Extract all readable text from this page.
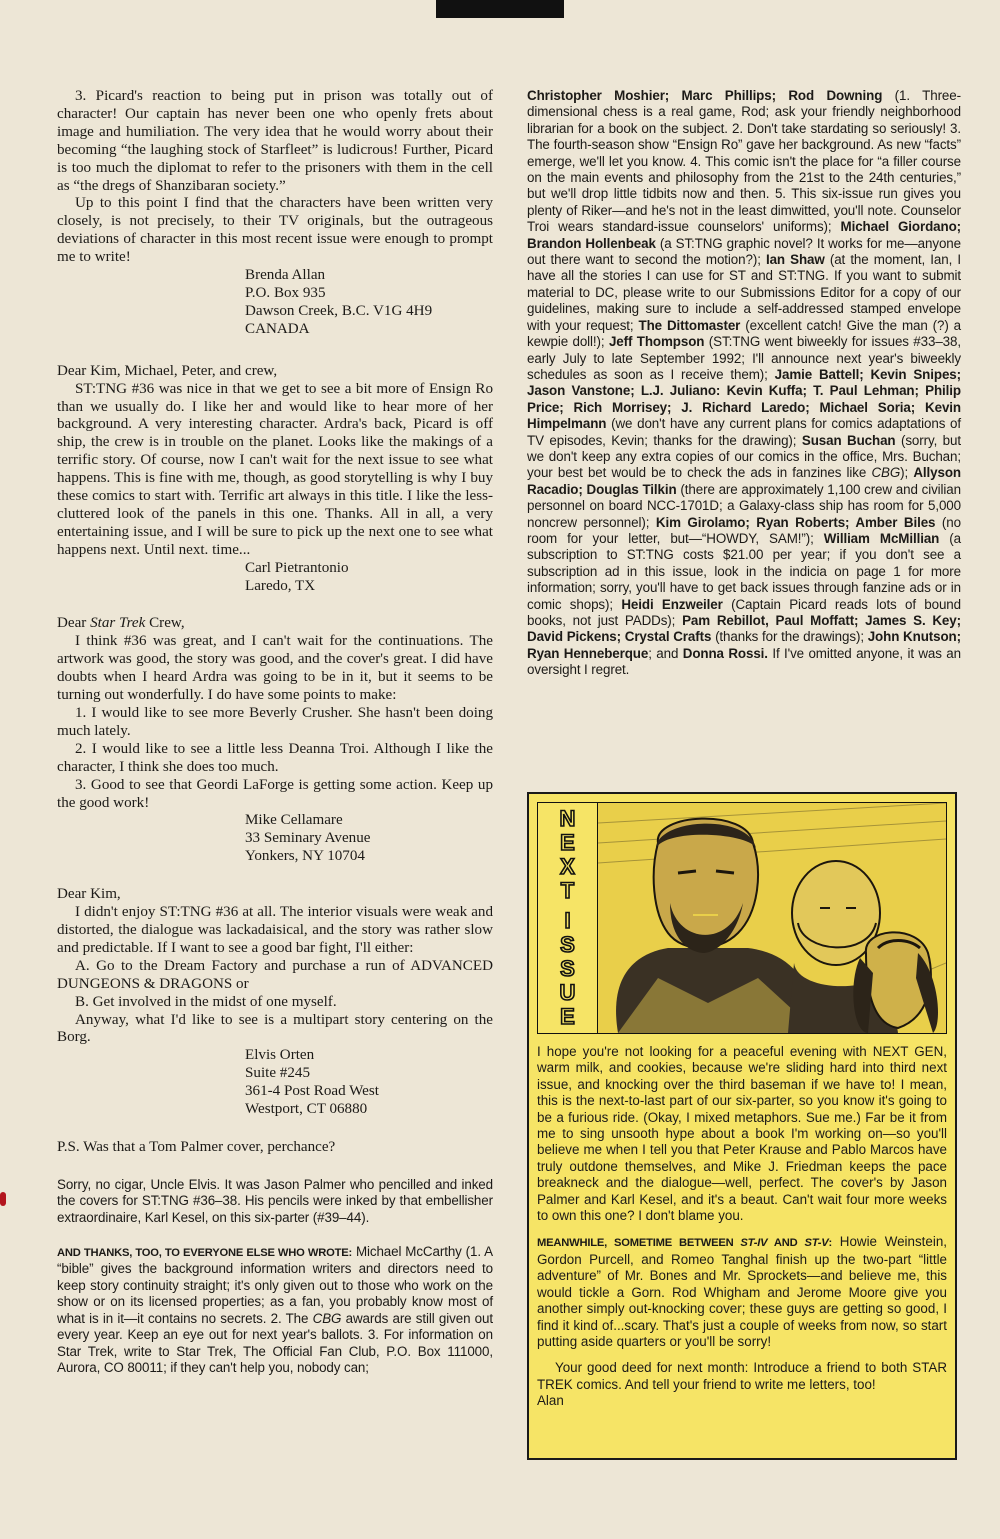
3. Picard's reaction to being put in prison was totally out of character! Our captain has never been one who openly frets about image and humiliation. The very idea that he would worry about their becoming “the laughing stock of Starfleet” is ludicrous! Further, Picard is too much the diplomat to refer to the prisoners with them in the cell as “the dregs of Shanzibaran society.”

Up to this point I find that the characters have been written very closely, is not precisely, to their TV originals, but the outrageous deviations of character in this most recent issue were enough to prompt me to write!

Brenda Allan

P.O. Box 935

Dawson Creek, B.C. V1G 4H9

CANADA

Dear Kim, Michael, Peter, and crew,

ST:TNG #36 was nice in that we get to see a bit more of Ensign Ro than we usually do. I like her and would like to hear more of her background. A very interesting character. Ardra's back, Picard is off ship, the crew is in trouble on the planet. Looks like the makings of a terrific story. Of course, now I can't wait for the next issue to see what happens. This is fine with me, though, as good storytelling is why I buy these comics to start with. Terrific art always in this title. I like the less-cluttered look of the panels in this one. Thanks. All in all, a very entertaining issue, and I will be sure to pick up the next one to see what happens next. Until next. time...

Carl Pietrantonio

Laredo, TX

Dear Star Trek Crew,

I think #36 was great, and I can't wait for the continuations. The artwork was good, the story was good, and the cover's great. I did have doubts when I heard Ardra was going to be in it, but it seems to be turning out wonderfully. I do have some points to make:

1. I would like to see more Beverly Crusher. She hasn't been doing much lately.

2. I would like to see a little less Deanna Troi. Although I like the character, I think she does too much.

3. Good to see that Geordi LaForge is getting some action. Keep up the good work!

Mike Cellamare

33 Seminary Avenue

Yonkers, NY 10704

Dear Kim,

I didn't enjoy ST:TNG #36 at all. The interior visuals were weak and distorted, the dialogue was lackadaisical, and the story was rather slow and predictable. If I want to see a good bar fight, I'll either:

A. Go to the Dream Factory and purchase a run of ADVANCED DUNGEONS & DRAGONS or

B. Get involved in the midst of one myself.

Anyway, what I'd like to see is a multipart story centering on the Borg.

Elvis Orten

Suite #245

361-4 Post Road West

Westport, CT 06880

P.S. Was that a Tom Palmer cover, perchance?

Sorry, no cigar, Uncle Elvis. It was Jason Palmer who pencilled and inked the covers for ST:TNG #36–38. His pencils were inked by that embellisher extraordinaire, Karl Kesel, on this six-parter (#39–44).

AND THANKS, TOO, TO EVERYONE ELSE WHO WROTE: Michael McCarthy (1. A “bible” gives the background information writers and directors need to keep story continuity straight; it's only given out to those who work on the show or on its licensed properties; as a fan, you probably know most of what is in it—it contains no secrets. 2. The CBG awards are still given out every year. Keep an eye out for next year's ballots. 3. For information on Star Trek, write to Star Trek, The Official Fan Club, P.O. Box 111000, Aurora, CO 80011; if they can't help you, nobody can;

Christopher Moshier; Marc Phillips; Rod Downing (1. Three-dimensional chess is a real game, Rod; ask your friendly neighborhood librarian for a book on the subject. 2. Don't take stardating so seriously! 3. The fourth-season show “Ensign Ro” gave her background. As new “facts” emerge, we'll let you know. 4. This comic isn't the place for “a filler course on the main events and philosophy from the 21st to the 24th centuries,” but we'll drop little tidbits now and then. 5. This six-issue run gives you plenty of Riker—and he's not in the least dimwitted, you'll note. Counselor Troi wears standard-issue counselors' uniforms); Michael Giordano; Brandon Hollenbeak (a ST:TNG graphic novel? It works for me—anyone out there want to second the motion?); Ian Shaw (at the moment, Ian, I have all the stories I can use for ST and ST:TNG. If you want to submit material to DC, please write to our Submissions Editor for a copy of our guidelines, making sure to include a self-addressed stamped envelope with your request; The Dittomaster (excellent catch! Give the man (?) a kewpie doll!); Jeff Thompson (ST:TNG went biweekly for issues #33–38, early July to late September 1992; I'll announce next year's biweekly schedules as soon as I receive them); Jamie Battell; Kevin Snipes; Jason Vanstone; L.J. Juliano: Kevin Kuffa; T. Paul Lehman; Philip Price; Rich Morrisey; J. Richard Laredo; Michael Soria; Kevin Himpelmann (we don't have any current plans for comics adaptations of TV episodes, Kevin; thanks for the drawing); Susan Buchan (sorry, but we don't keep any extra copies of our comics in the office, Mrs. Buchan; your best bet would be to check the ads in fanzines like CBG); Allyson Racadio; Douglas Tilkin (there are approximately 1,100 crew and civilian personnel on board NCC-1701D; a Galaxy-class ship has room for 5,000 noncrew personnel); Kim Girolamo; Ryan Roberts; Amber Biles (no room for your letter, but—“HOWDY, SAM!”); William McMillian (a subscription to ST:TNG costs $21.00 per year; if you don't see a subscription ad in this issue, look in the indicia on page 1 for more information; sorry, you'll have to get back issues through fanzine ads or in comic shops); Heidi Enzweiler (Captain Picard reads lots of bound books, not just PADDs); Pam Rebillot, Paul Moffatt; James S. Key; David Pickens; Crystal Crafts (thanks for the drawings); John Knutson; Ryan Henneberque; and Donna Rossi. If I've omitted anyone, it was an oversight I regret.

N
E
X
T
I
S
S
U
E

I hope you're not looking for a peaceful evening with NEXT GEN, warm milk, and cookies, because we're sliding hard into third next issue, and knocking over the third baseman if we have to! I mean, this is the next-to-last part of our six-parter, so you know it's going to be a furious ride. (Okay, I mixed metaphors. Sue me.) Far be it from me to sing unsooth hype about a book I'm working on—so you'll believe me when I tell you that Peter Krause and Pablo Marcos have truly outdone themselves, and Mike J. Friedman keeps the pace breakneck and the dialogue—well, perfect. The cover's by Jason Palmer and Karl Kesel, and it's a beaut. Can't wait four more weeks to own this one? I don't blame you.

MEANWHILE, SOMETIME BETWEEN ST-IV AND ST-V: Howie Weinstein, Gordon Purcell, and Romeo Tanghal finish up the two-part “little adventure” of Mr. Bones and Mr. Sprockets—and believe me, this would tickle a Gorn. Rod Whigham and Jerome Moore give you another simply out-knocking cover; these guys are getting so good, I find it kind of...scary. That's just a couple of weeks from now, so start putting aside quarters or you'll be sorry!

Your good deed for next month: Introduce a friend to both STAR TREK comics. And tell your friend to write me letters, too!

Alan
